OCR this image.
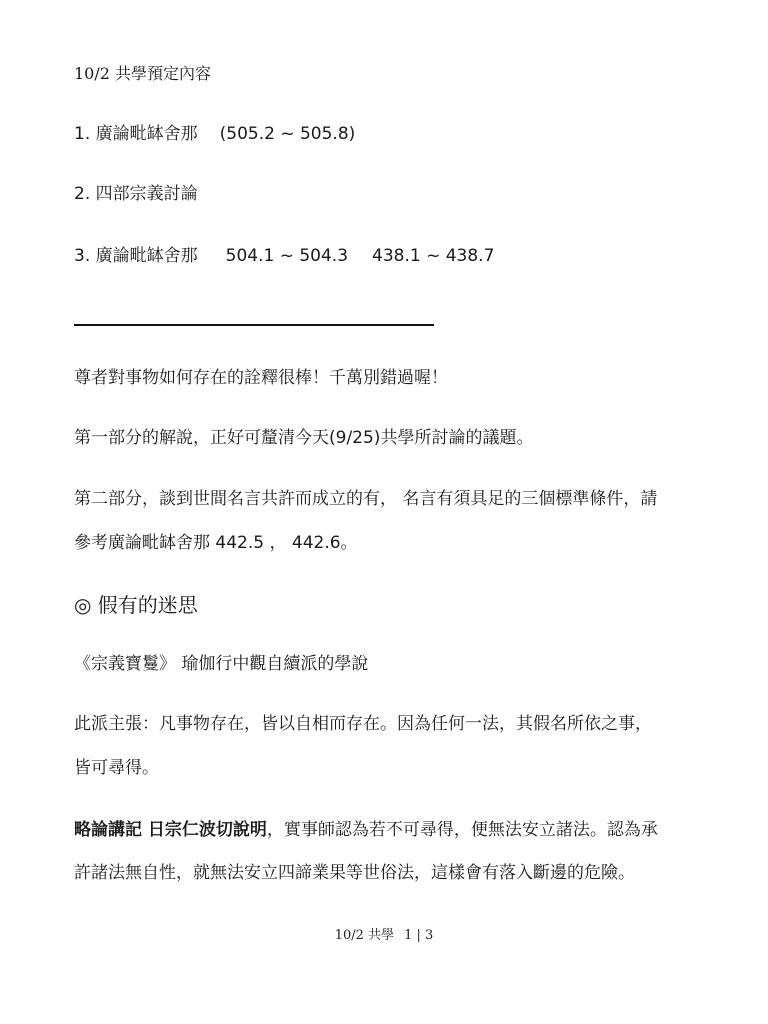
10/2 共學預定內容
1. 廣論毗缽舍那 (505.2 ~ 505.8)
2. 四部宗義討論
3. 廣論毗缽舍那 504.1 ~ 504.3 438.1 ~ 438.7
尊者對事物如何存在的詮釋很棒！千萬別錯過喔！
第一部分的解說，正好可釐清今天(9/25)共學所討論的議題。
第二部分，談到世間名言共許而成立的有， 名言有須具足的三個標準條件，請
參考廣論毗缽舍那 442.5 ， 442.6。
◎ 假有的迷思
《宗義寶鬘》 瑜伽行中觀自續派的學說
此派主張：凡事物存在，皆以自相而存在。因為任何一法，其假名所依之事，
皆可尋得。
略論講記 日宗仁波切說明，實事師認為若不可尋得，便無法安立諸法。認為承
許諸法無自性，就無法安立四諦業果等世俗法，這樣會有落入斷邊的危險。
10/2 共學 1 | 3
